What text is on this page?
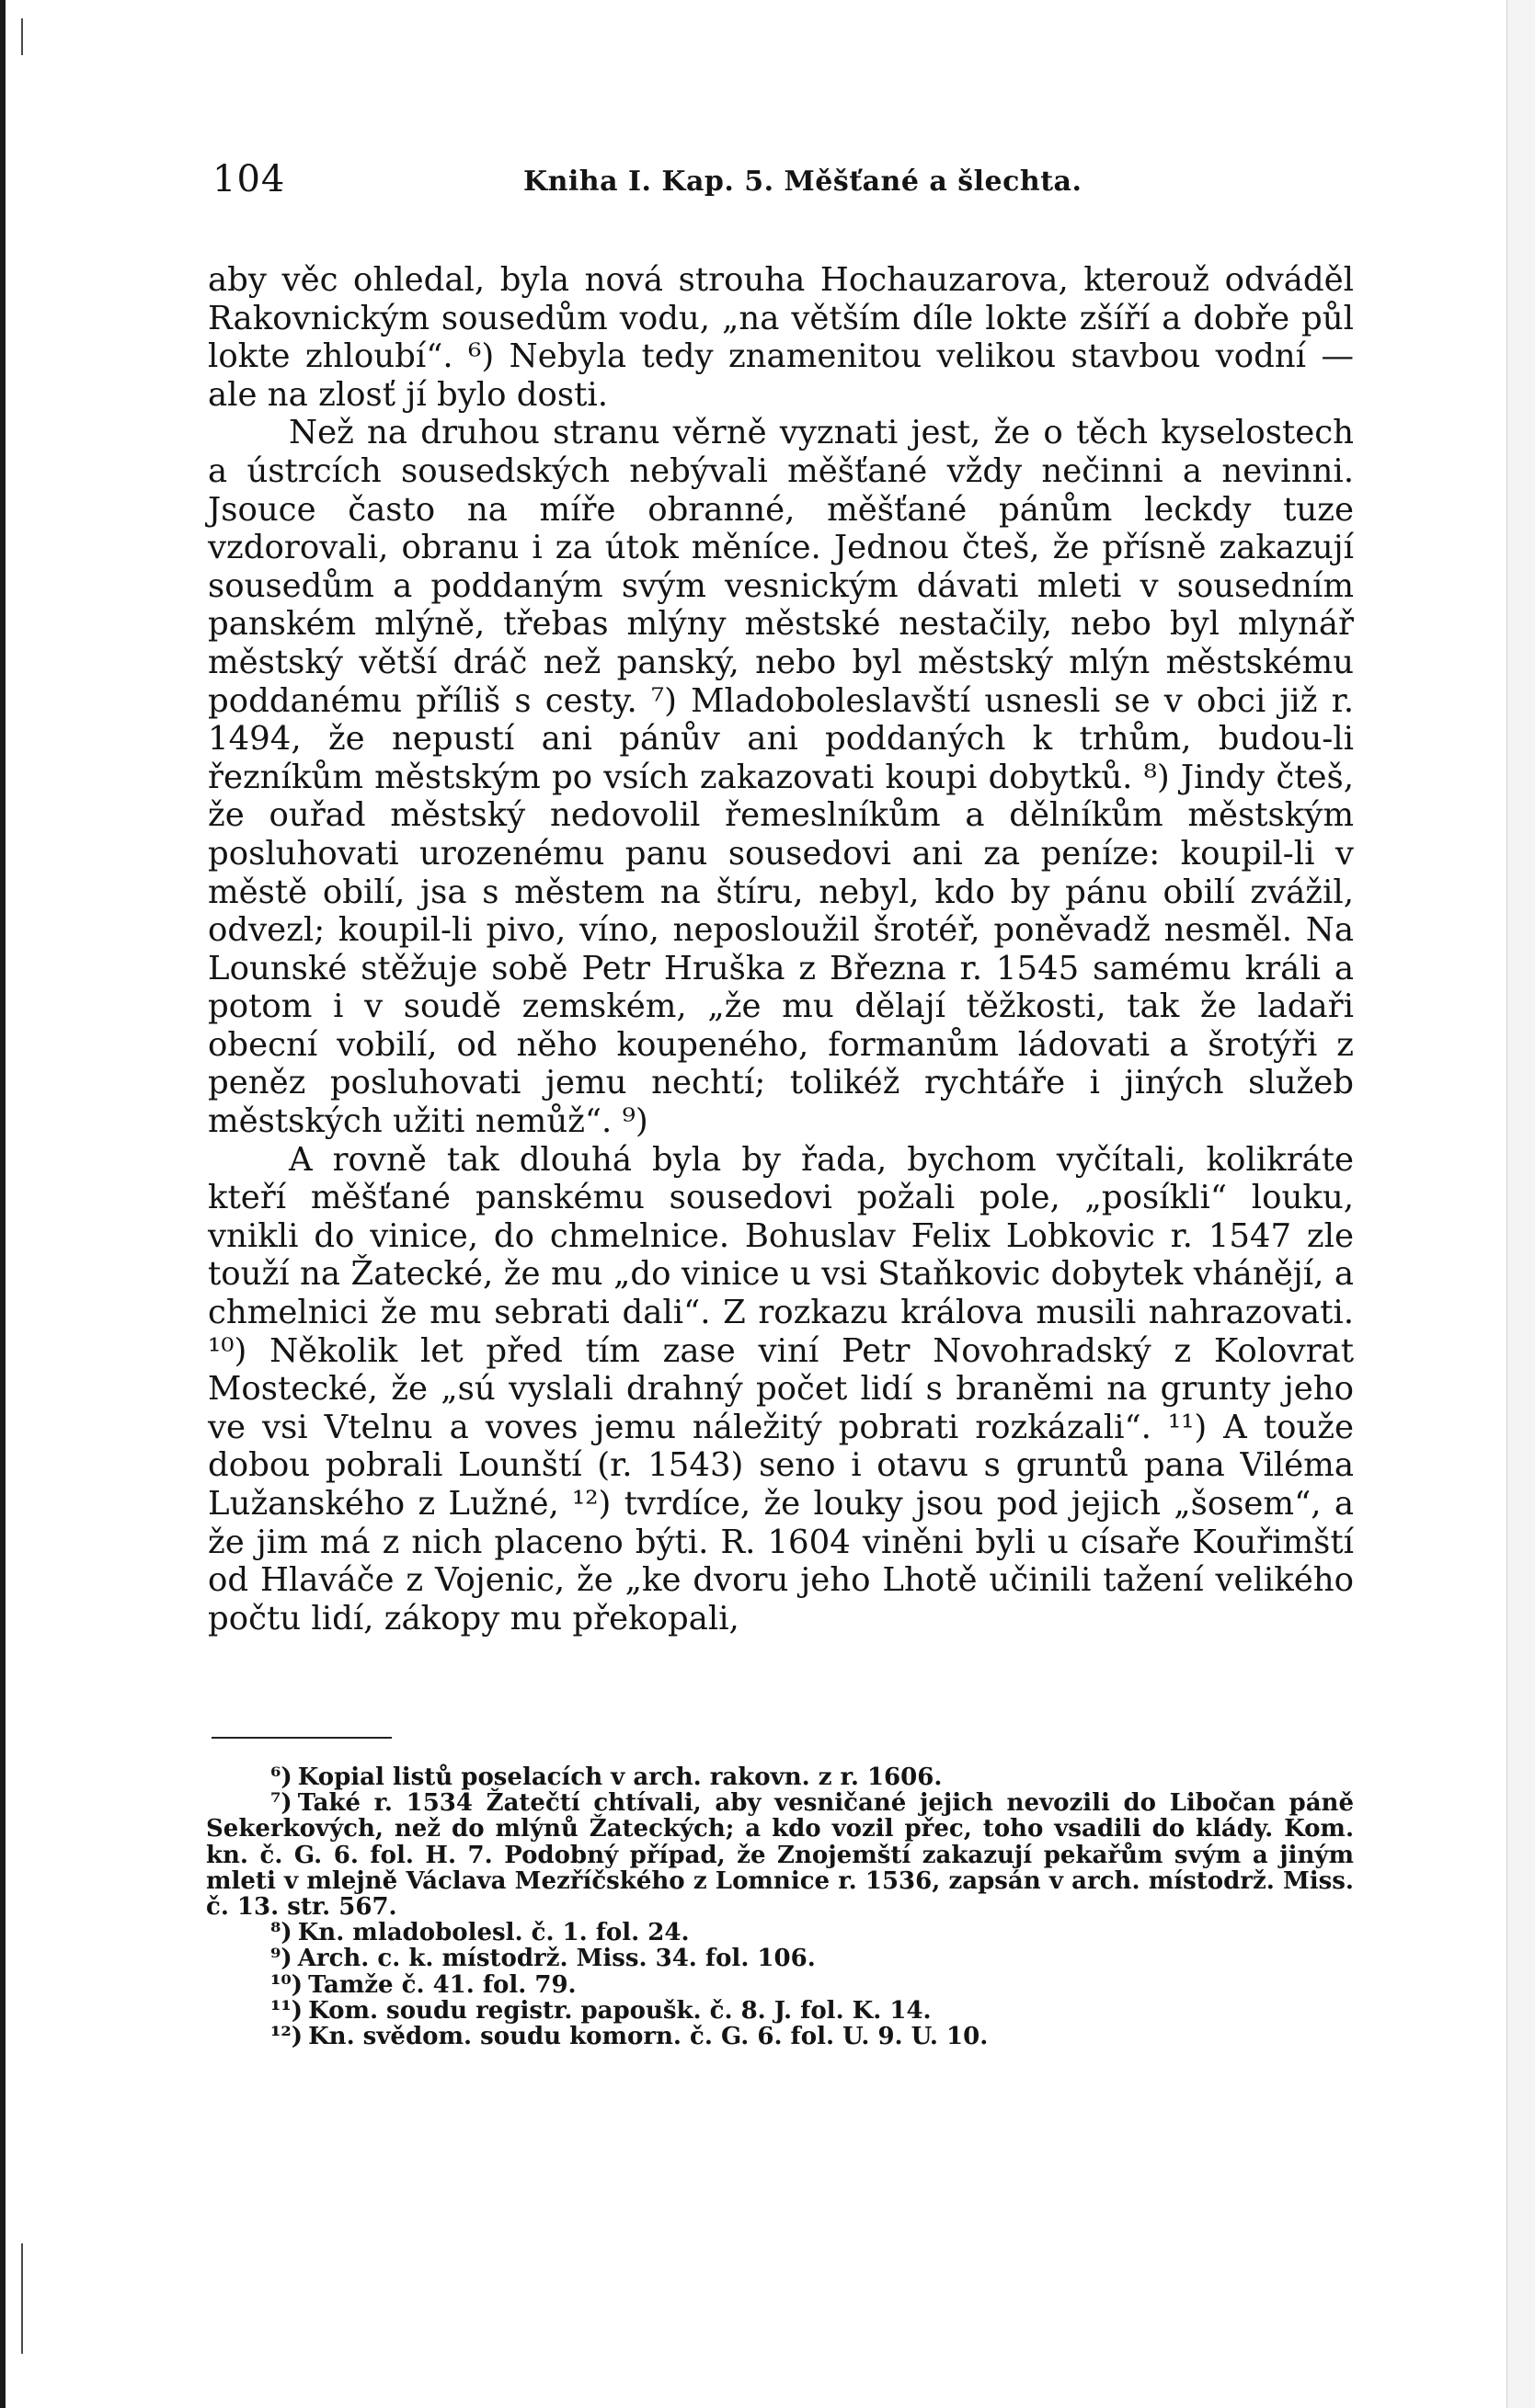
104	Kniha I. Kap. 5. Měšťané a šlechta.

aby věc ohledal, byla nová strouha Hochauzarova, kterouž odváděl Rakovnickým sousedům vodu, „na větším díle lokte zšíří a dobře půl lokte zhloubí“. ⁶) Nebyla tedy znamenitou velikou stavbou vodní — ale na zlosť jí bylo dosti.

Než na druhou stranu věrně vyznati jest, že o těch kyselostech a ústrcích sousedských nebývali měšťané vždy nečinni a nevinni. Jsouce často na míře obranné, měšťané pánům leckdy tuze vzdorovali, obranu i za útok měníce. Jednou čteš, že přísně zakazují sousedům a poddaným svým vesnickým dávati mleti v sousedním panském mlýně, třebas mlýny městské nestačily, nebo byl mlynář městský větší dráč než panský, nebo byl městský mlýn městskému poddanému příliš s cesty. ⁷) Mladoboleslavští usnesli se v obci již r. 1494, že nepustí ani pánův ani poddaných k trhům, budou-li řezníkům městským po vsích zakazovati koupi dobytků. ⁸) Jindy čteš, že ouřad městský nedovolil řemeslníkům a dělníkům městským posluhovati urozenému panu sousedovi ani za peníze: koupil-li v městě obilí, jsa s městem na štíru, nebyl, kdo by pánu obilí zvážil, odvezl; koupil-li pivo, víno, neposloužil šrotéř, poněvadž nesměl. Na Lounské stěžuje sobě Petr Hruška z Března r. 1545 samému králi a potom i v soudě zemském, „že mu dělají těžkosti, tak že ladaři obecní vobilí, od něho koupeného, formanům ládovati a šrotýři z peněz posluhovati jemu nechtí; tolikéž rychtáře i jiných služeb městských užiti nemůž“. ⁹)

A rovně tak dlouhá byla by řada, bychom vyčítali, kolikráte kteří měšťané panskému sousedovi požali pole, „posíkli“ louku, vnikli do vinice, do chmelnice. Bohuslav Felix Lobkovic r. 1547 zle touží na Žatecké, že mu „do vinice u vsi Staňkovic dobytek vhánějí, a chmelnici že mu sebrati dali“. Z rozkazu králova musili nahrazovati. ¹⁰) Několik let před tím zase viní Petr Novohradský z Kolovrat Mostecké, že „sú vyslali drahný počet lidí s braněmi na grunty jeho ve vsi Vtelnu a voves jemu náležitý pobrati rozkázali“. ¹¹) A touže dobou pobrali Lounští (r. 1543) seno i otavu s gruntů pana Viléma Lužanského z Lužné, ¹²) tvrdíce, že louky jsou pod jejich „šosem“, a že jim má z nich placeno býti. R. 1604 viněni byli u císaře Kouřimští od Hlaváče z Vojenic, že „ke dvoru jeho Lhotě učinili tažení velikého počtu lidí, zákopy mu překopali,

⁶) Kopial listů poselacích v arch. rakovn. z r. 1606.

⁷) Také r. 1534 Žatečtí chtívali, aby vesničané jejich nevozili do Libočan páně Sekerkových, než do mlýnů Žateckých; a kdo vozil přec, toho vsadili do klády. Kom. kn. č. G. 6. fol. H. 7. Podobný případ, že Znojemští zakazují pekařům svým a jiným mleti v mlejně Václava Mezříčského z Lomnice r. 1536, zapsán v arch. místodrž. Miss. č. 13. str. 567.

⁸) Kn. mladobolesl. č. 1. fol. 24.

⁹) Arch. c. k. místodrž. Miss. 34. fol. 106.

¹⁰) Tamže č. 41. fol. 79.

¹¹) Kom. soudu registr. papoušk. č. 8. J. fol. K. 14.

¹²) Kn. svědom. soudu komorn. č. G. 6. fol. U. 9. U. 10.
